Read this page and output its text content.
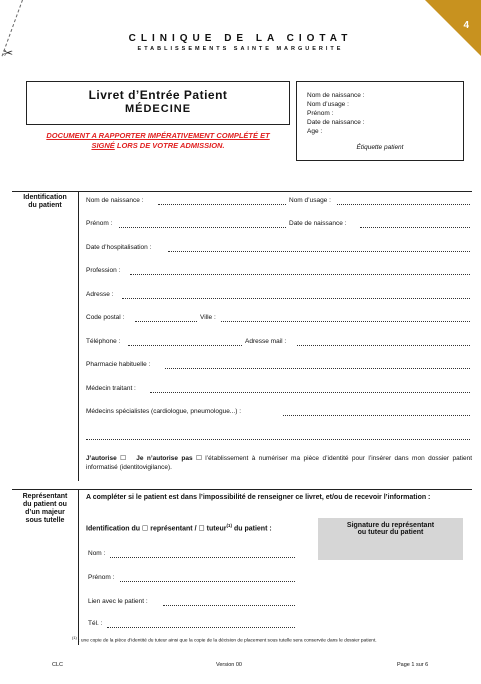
4
✂
CLINIQUE DE LA CIOTAT
ETABLISSEMENTS SAINTE MARGUERITE
Livret d’Entrée Patient
MÉDECINE
DOCUMENT A RAPPORTER IMPÉRATIVEMENT COMPLÉTÉ ET
SIGNÉ LORS DE VOTRE ADMISSION.
Nom de naissance :
Nom d’usage :
Prénom :
Date de naissance :
Age :
Étiquette patient
Identification
du patient
Nom de naissance :	Nom d’usage :
Prénom :	Date de naissance :
Date d’hospitalisation :
Profession :
Adresse :
Code postal :	Ville :
Téléphone :	Adresse mail :
Pharmacie habituelle :
Médecin traitant :
Médecins spécialistes (cardiologue, pneumologue...) :
J’autorise ☐ Je n’autorise pas ☐ l’établissement à numériser ma pièce d’identité pour l’insérer dans mon dossier patient informatisé (identitovigilance).
Représentant
du patient ou
d’un majeur
sous tutelle
A compléter si le patient est dans l’impossibilité de renseigner ce livret, et/ou de recevoir l’information :
Identification du ☐ représentant / ☐ tuteur$^{(1)}$ du patient :	Signature du représentant
ou tuteur du patient
Nom :
Prénom :
Lien avec le patient :
Tél. :
$^{(1)}$ : une copie de la pièce d’identité du tuteur ainsi que la copie de la décision de placement sous tutelle sera conservée dans le dossier patient.
CLC	Version 00	Page 1 sur 6
